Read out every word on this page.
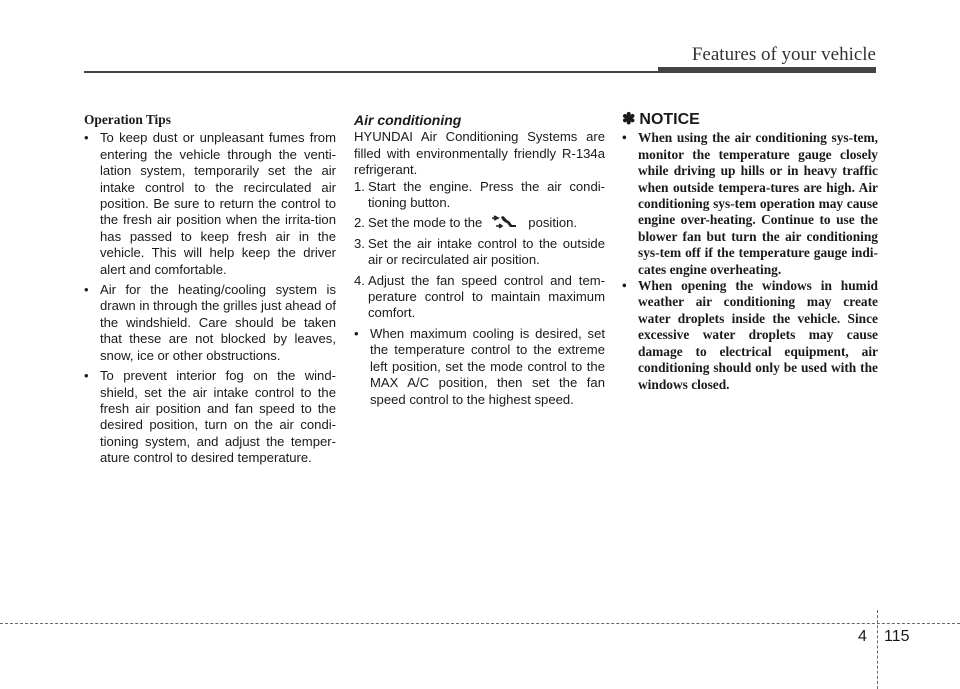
Features of your vehicle

Operation Tips

• To keep dust or unpleasant fumes from entering the vehicle through the venti-lation system, temporarily set the air intake control to the recirculated air position. Be sure to return the control to the fresh air position when the irrita-tion has passed to keep fresh air in the vehicle. This will help keep the driver alert and comfortable.

• Air for the heating/cooling system is drawn in through the grilles just ahead of the windshield. Care should be taken that these are not blocked by leaves, snow, ice or other obstructions.

• To prevent interior fog on the wind-shield, set the air intake control to the fresh air position and fan speed to the desired position, turn on the air condi-tioning system, and adjust the temper-ature control to desired temperature.

Air conditioning

HYUNDAI Air Conditioning Systems are filled with environmentally friendly R-134a refrigerant.

1. Start the engine. Press the air condi-tioning button.

2. Set the mode to the	position.

3. Set the air intake control to the outside air or recirculated air position.

4. Adjust the fan speed control and tem-perature control to maintain maximum comfort.

• When maximum cooling is desired, set the temperature control to the extreme left position, set the mode control to the MAX A/C position, then set the fan speed control to the highest speed.

✽ NOTICE

• When using the air conditioning sys-tem, monitor the temperature gauge closely while driving up hills or in heavy traffic when outside tempera-tures are high. Air conditioning sys-tem operation may cause engine over-heating. Continue to use the blower fan but turn the air conditioning sys-tem off if the temperature gauge indi-cates engine overheating.

• When opening the windows in humid weather air conditioning may create water droplets inside the vehicle. Since excessive water droplets may cause damage to electrical equipment, air conditioning should only be used with the windows closed.

4 115
